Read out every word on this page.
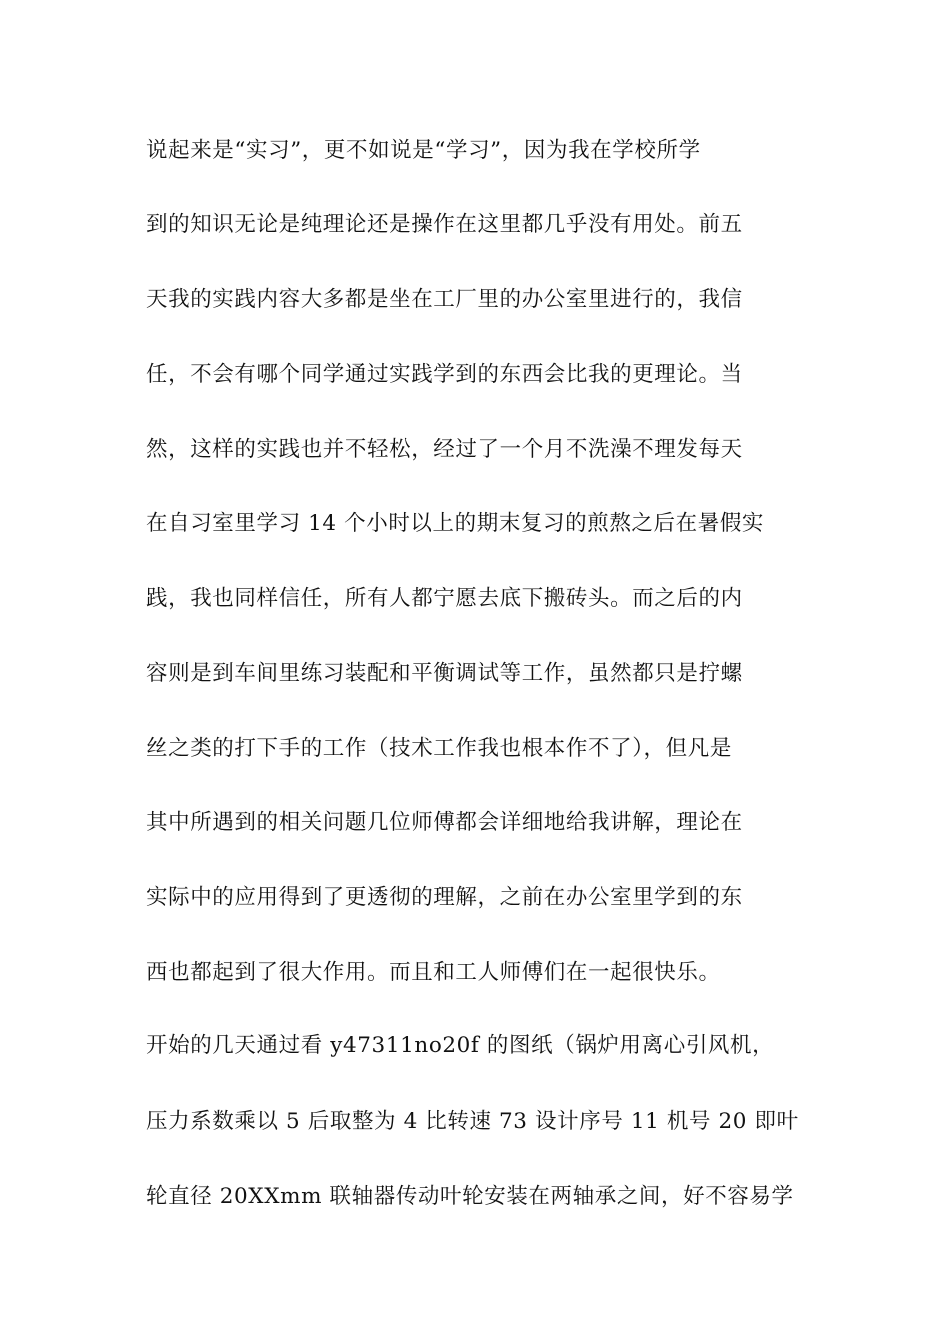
说起来是“实习”，更不如说是“学习”，因为我在学校所学
到的知识无论是纯理论还是操作在这里都几乎没有用处。前五
天我的实践内容大多都是坐在工厂里的办公室里进行的，我信
任，不会有哪个同学通过实践学到的东西会比我的更理论。当
然，这样的实践也并不轻松，经过了一个月不洗澡不理发每天
在自习室里学习 14 个小时以上的期末复习的煎熬之后在暑假实
践，我也同样信任，所有人都宁愿去底下搬砖头。而之后的内
容则是到车间里练习装配和平衡调试等工作，虽然都只是拧螺
丝之类的打下手的工作（技术工作我也根本作不了），但凡是
其中所遇到的相关问题几位师傅都会详细地给我讲解，理论在
实际中的应用得到了更透彻的理解，之前在办公室里学到的东
西也都起到了很大作用。而且和工人师傅们在一起很快乐。
开始的几天通过看 y47311no20f 的图纸（锅炉用离心引风机，
压力系数乘以 5 后取整为 4 比转速 73 设计序号 11 机号 20 即叶
轮直径 20XXmm 联轴器传动叶轮安装在两轴承之间，好不容易学
